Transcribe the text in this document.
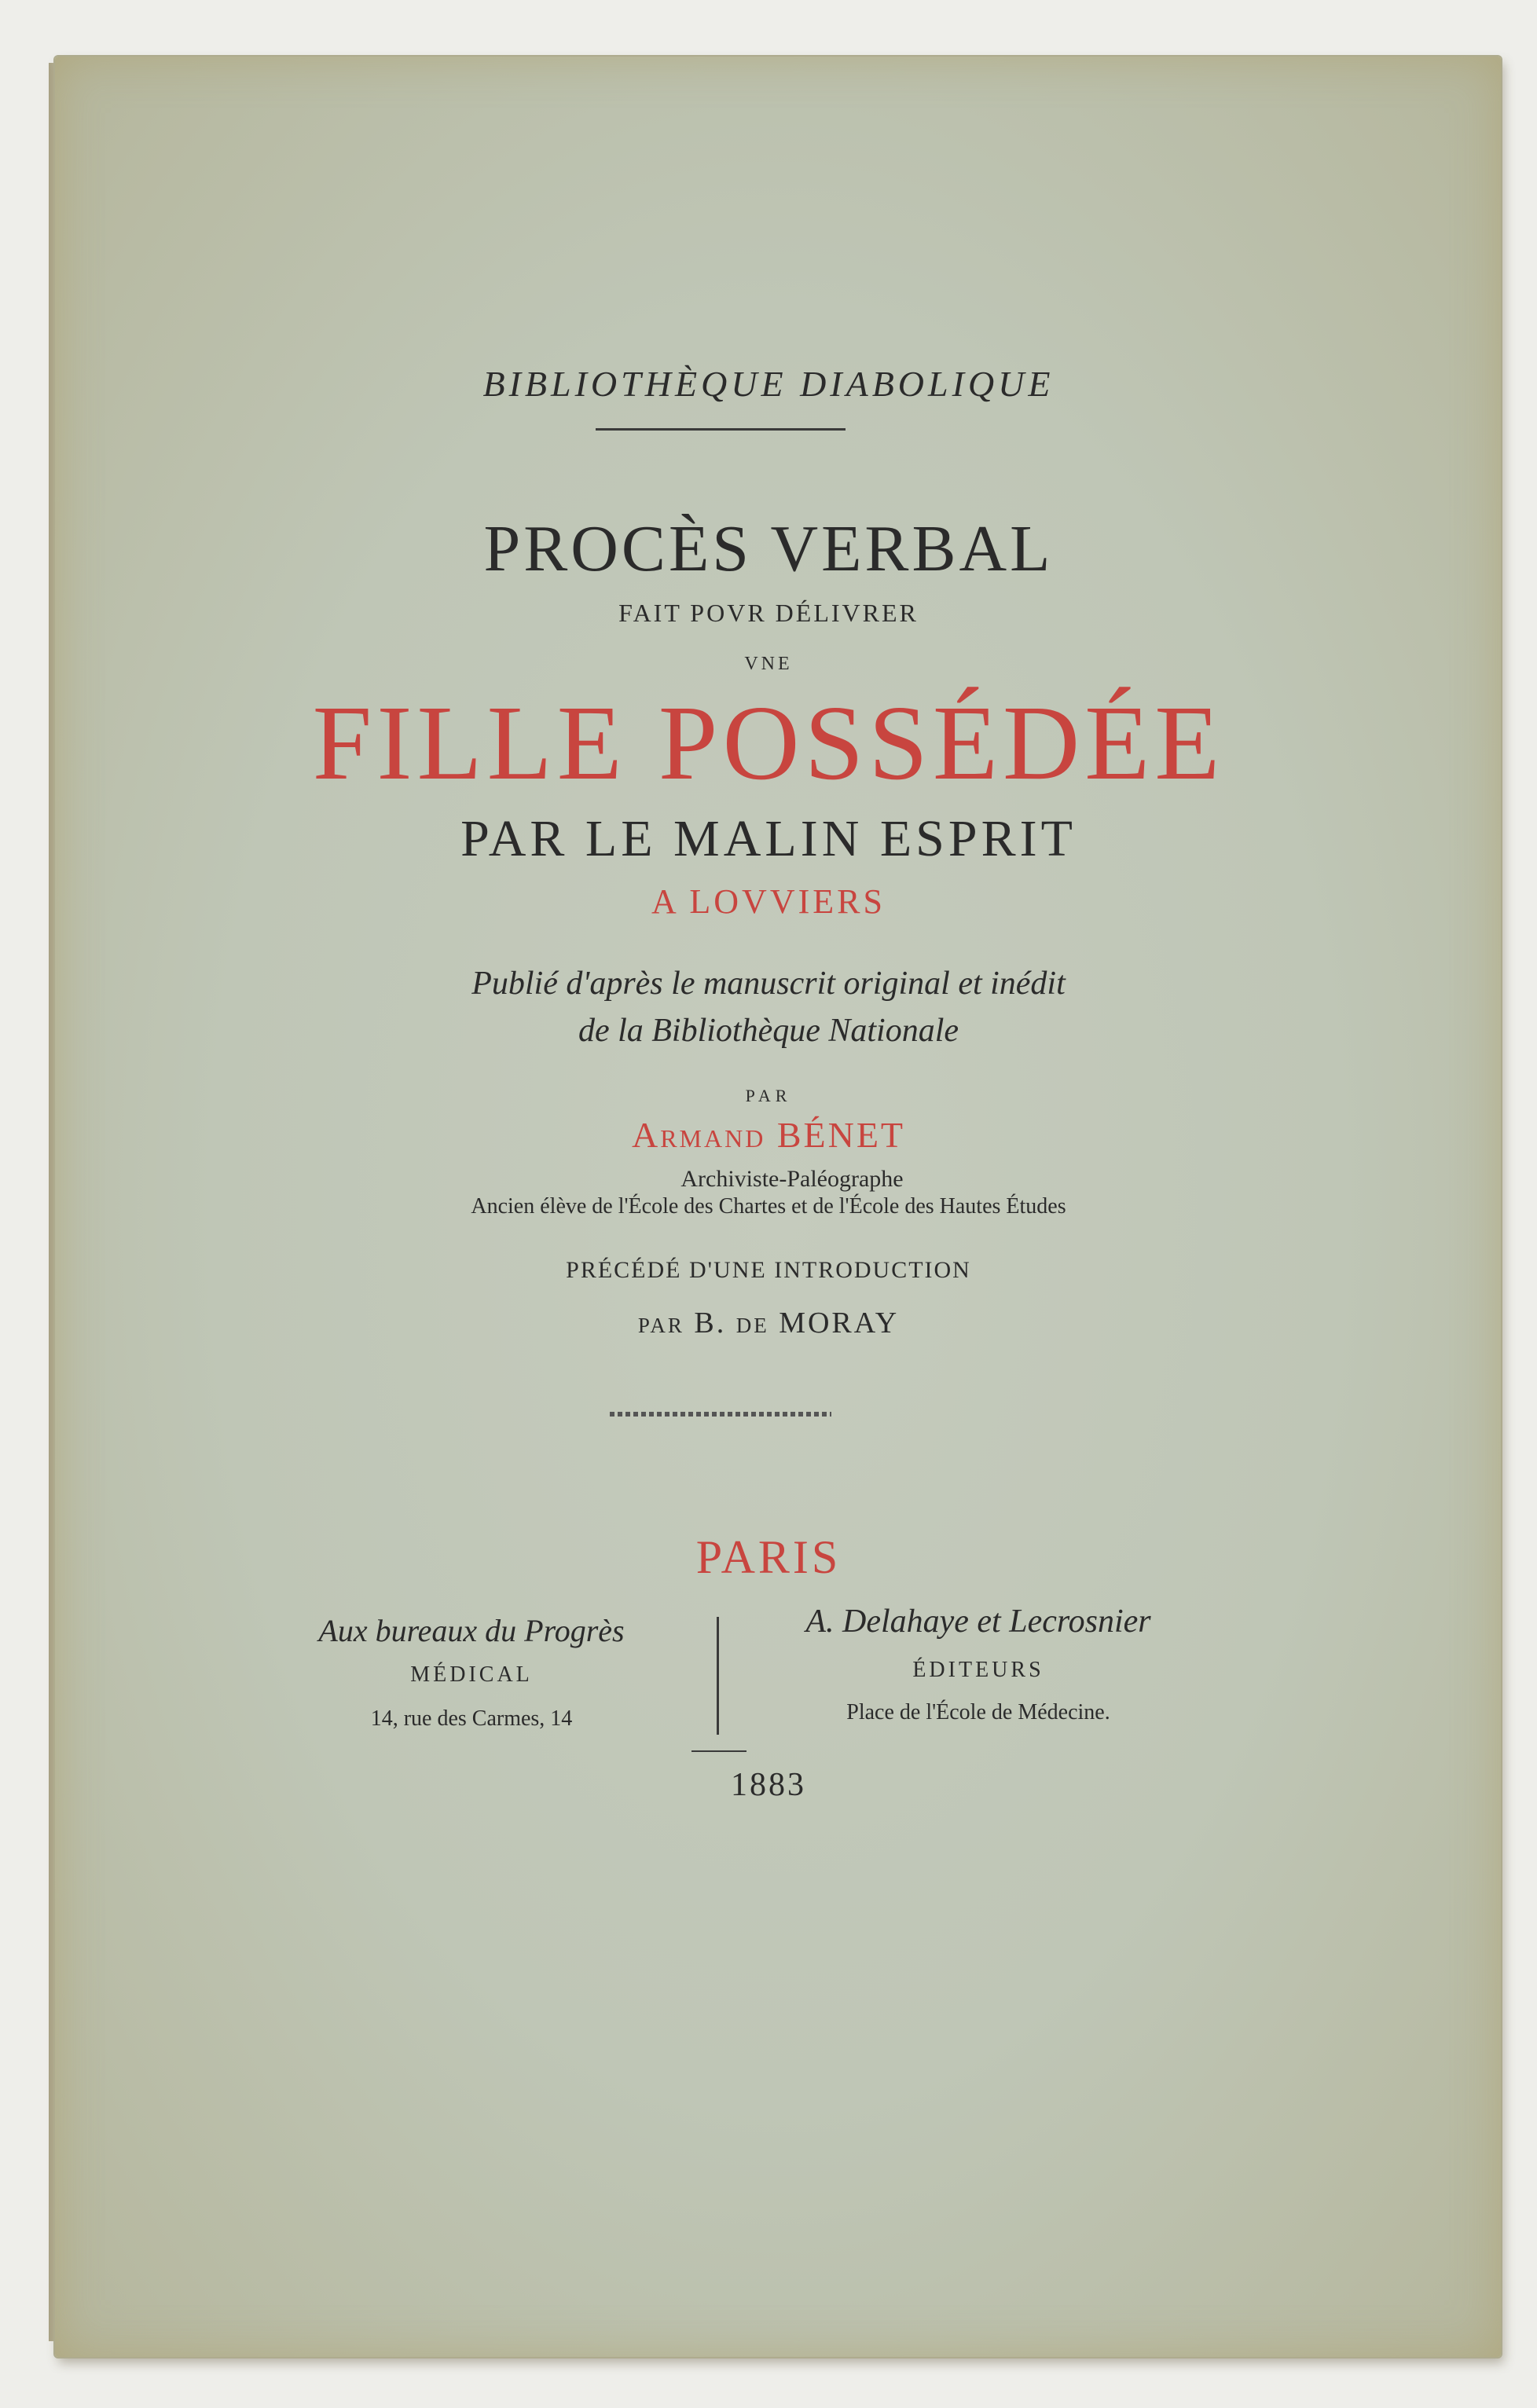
BIBLIOTHÈQUE DIABOLIQUE
PROCÈS VERBAL
FAIT POVR DÉLIVRER
VNE
FILLE POSSÉDÉE
PAR LE MALIN ESPRIT
A LOVVIERS
Publié d'après le manuscrit original et inédit
de la Bibliothèque Nationale
PAR
Armand BÉNET
Archiviste-Paléographe
Ancien élève de l'École des Chartes et de l'École des Hautes Études
PRÉCÉDÉ D'UNE INTRODUCTION
par B. de MORAY
PARIS
Aux bureaux du Progrès
MÉDICAL
14, rue des Carmes, 14
A. Delahaye et Lecrosnier
ÉDITEURS
Place de l'École de Médecine.
1883
